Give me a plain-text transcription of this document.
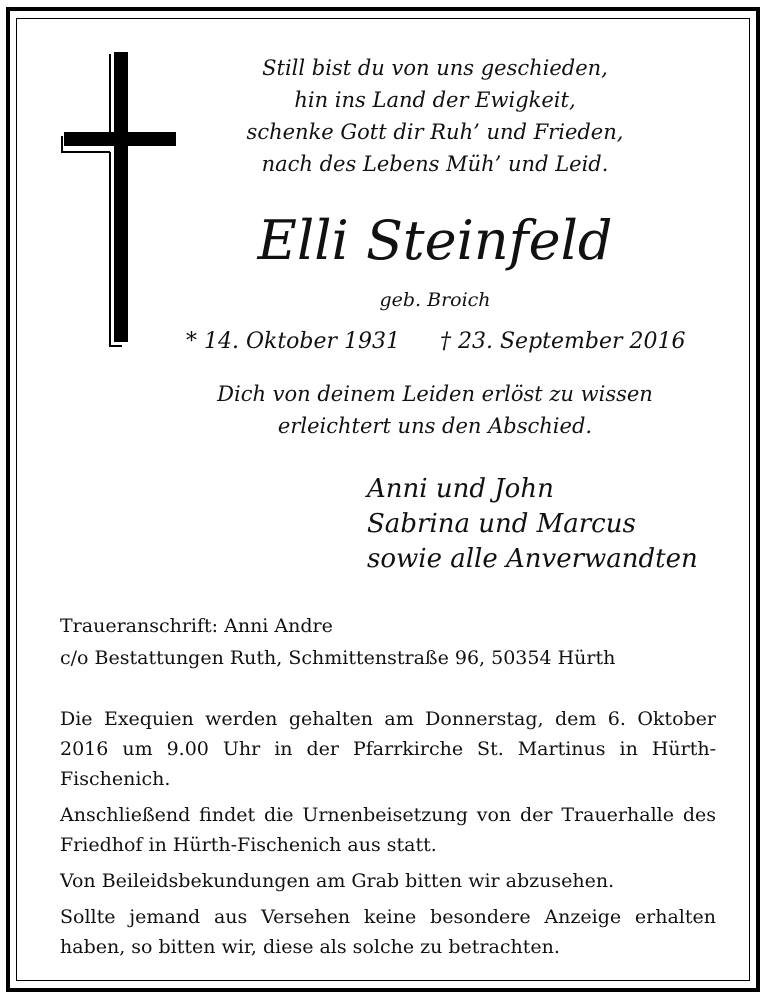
Still bist du von uns geschieden,
hin ins Land der Ewigkeit,
schenke Gott dir Ruh’ und Frieden,
nach des Lebens Müh’ und Leid.
Elli Steinfeld
geb. Broich
* 14. Oktober 1931 † 23. September 2016
Dich von deinem Leiden erlöst zu wissen
erleichtert uns den Abschied.
Anni und John
Sabrina und Marcus
sowie alle Anverwandten
Traueranschrift: Anni Andre
c/o Bestattungen Ruth, Schmittenstraße 96, 50354 Hürth

Die Exequien werden gehalten am Donnerstag, dem 6. Oktober 2016 um 9.00 Uhr in der Pfarrkirche St. Martinus in Hürth-Fischenich.

Anschließend findet die Urnenbeisetzung von der Trauerhalle des Friedhof in Hürth-Fischenich aus statt.

Von Beileidsbekundungen am Grab bitten wir abzusehen.

Sollte jemand aus Versehen keine besondere Anzeige erhalten haben, so bitten wir, diese als solche zu betrachten.
